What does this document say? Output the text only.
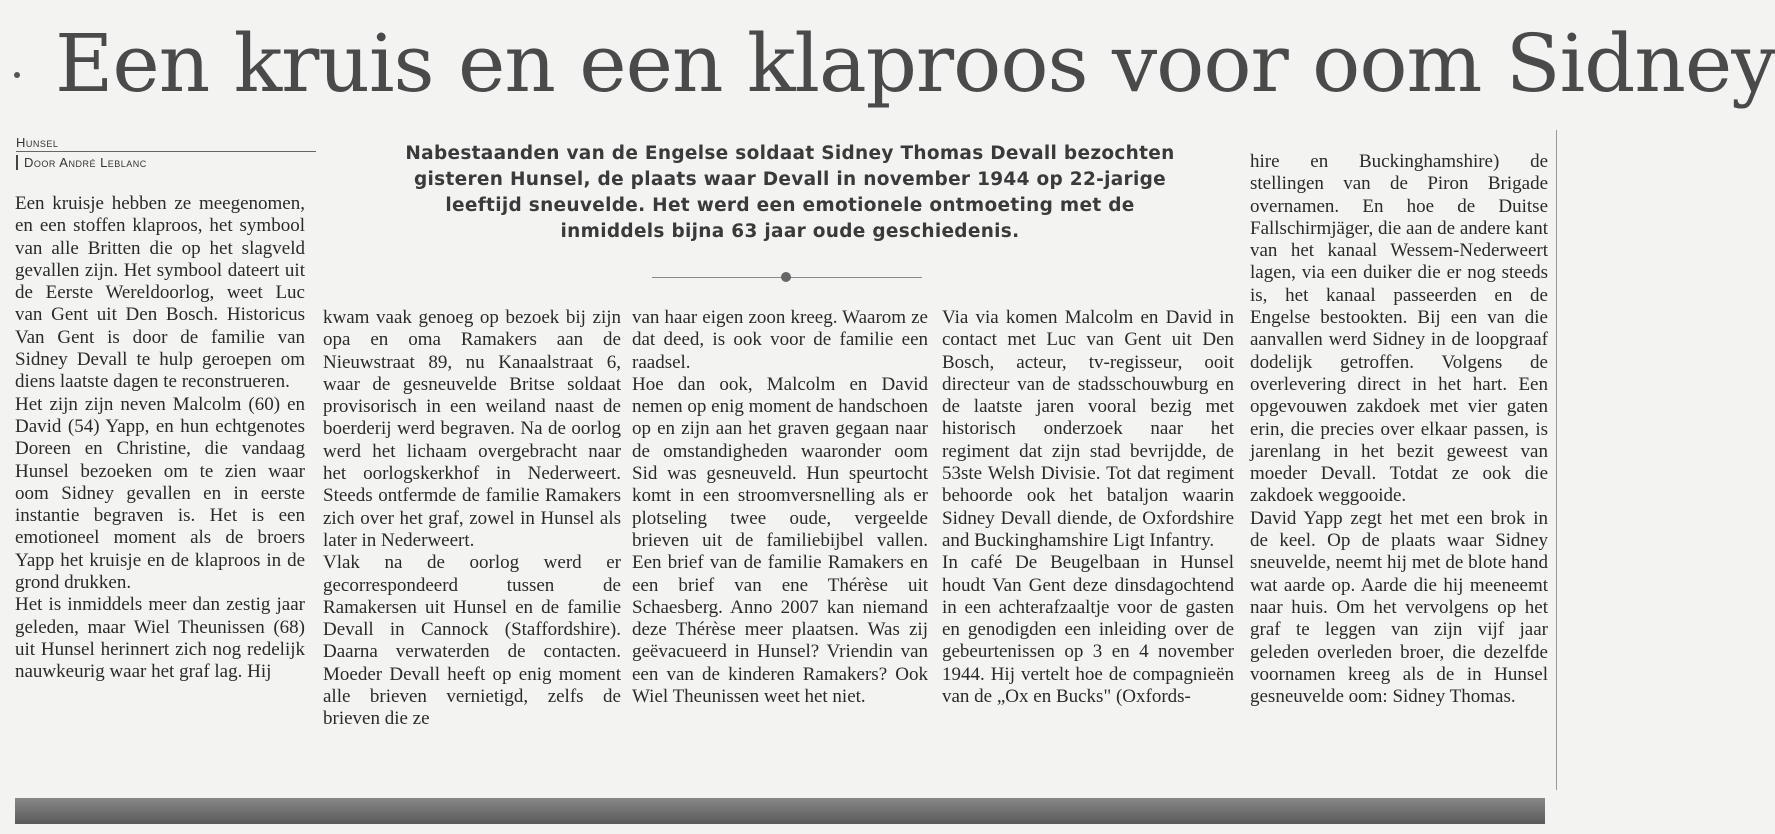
Een kruis en een klaproos voor oom Sidney
Hunsel
Door André Leblanc	Nabestaanden van de Engelse soldaat Sidney Thomas Devall bezochten gisteren Hunsel, de plaats waar Devall in november 1944 op 22-jarige leeftijd sneuvelde. Het werd een emotionele ontmoeting met de inmiddels bijna 63 jaar oude geschiedenis.

Een kruisje hebben ze meegenomen, en een stoffen klaproos, het symbool van alle Britten die op het slagveld gevallen zijn. Het symbool dateert uit de Eerste Wereldoorlog, weet Luc van Gent uit Den Bosch. Historicus Van Gent is door de familie van Sidney Devall te hulp geroepen om diens laatste dagen te reconstrueren.

Het zijn zijn neven Malcolm (60) en David (54) Yapp, en hun echtgenotes Doreen en Christine, die vandaag Hunsel bezoeken om te zien waar oom Sidney gevallen en in eerste instantie begraven is. Het is een emotioneel moment als de broers Yapp het kruisje en de klaproos in de grond drukken.

Het is inmiddels meer dan zestig jaar geleden, maar Wiel Theunissen (68) uit Hunsel herinnert zich nog redelijk nauwkeurig waar het graf lag. Hij

kwam vaak genoeg op bezoek bij zijn opa en oma Ramakers aan de Nieuwstraat 89, nu Kanaalstraat 6, waar de gesneuvelde Britse soldaat provisorisch in een weiland naast de boerderij werd begraven. Na de oorlog werd het lichaam overgebracht naar het oorlogskerkhof in Nederweert. Steeds ontfermde de familie Ramakers zich over het graf, zowel in Hunsel als later in Nederweert.

Vlak na de oorlog werd er gecorrespondeerd tussen de Ramakersen uit Hunsel en de familie Devall in Cannock (Staffordshire). Daarna verwaterden de contacten. Moeder Devall heeft op enig moment alle brieven vernietigd, zelfs de brieven die ze

van haar eigen zoon kreeg. Waarom ze dat deed, is ook voor de familie een raadsel.

Hoe dan ook, Malcolm en David nemen op enig moment de handschoen op en zijn aan het graven gegaan naar de omstandigheden waaronder oom Sid was gesneuveld. Hun speurtocht komt in een stroomversnelling als er plotseling twee oude, vergeelde brieven uit de familiebijbel vallen. Een brief van de familie Ramakers en een brief van ene Thérèse uit Schaesberg. Anno 2007 kan niemand deze Thérèse meer plaatsen. Was zij geëvacueerd in Hunsel? Vriendin van een van de kinderen Ramakers? Ook Wiel Theunissen weet het niet.

Via via komen Malcolm en David in contact met Luc van Gent uit Den Bosch, acteur, tv-regisseur, ooit directeur van de stadsschouwburg en de laatste jaren vooral bezig met historisch onderzoek naar het regiment dat zijn stad bevrijdde, de 53ste Welsh Divisie. Tot dat regiment behoorde ook het bataljon waarin Sidney Devall diende, de Oxfordshire and Buckinghamshire Ligt Infantry.

In café De Beugelbaan in Hunsel houdt Van Gent deze dinsdagochtend in een achterafzaaltje voor de gasten en genodigden een inleiding over de gebeurtenissen op 3 en 4 november 1944. Hij vertelt hoe de compagnieën van de „Ox en Bucks" (Oxfords-

hire en Buckinghamshire) de stellingen van de Piron Brigade overnamen. En hoe de Duitse Fallschirmjäger, die aan de andere kant van het kanaal Wessem-Nederweert lagen, via een duiker die er nog steeds is, het kanaal passeerden en de Engelse bestookten. Bij een van die aanvallen werd Sidney in de loopgraaf dodelijk getroffen. Volgens de overlevering direct in het hart. Een opgevouwen zakdoek met vier gaten erin, die precies over elkaar passen, is jarenlang in het bezit geweest van moeder Devall. Totdat ze ook die zakdoek weggooide.

David Yapp zegt het met een brok in de keel. Op de plaats waar Sidney sneuvelde, neemt hij met de blote hand wat aarde op. Aarde die hij meeneemt naar huis. Om het vervolgens op het graf te leggen van zijn vijf jaar geleden overleden broer, die dezelfde voornamen kreeg als de in Hunsel gesneuvelde oom: Sidney Thomas.
